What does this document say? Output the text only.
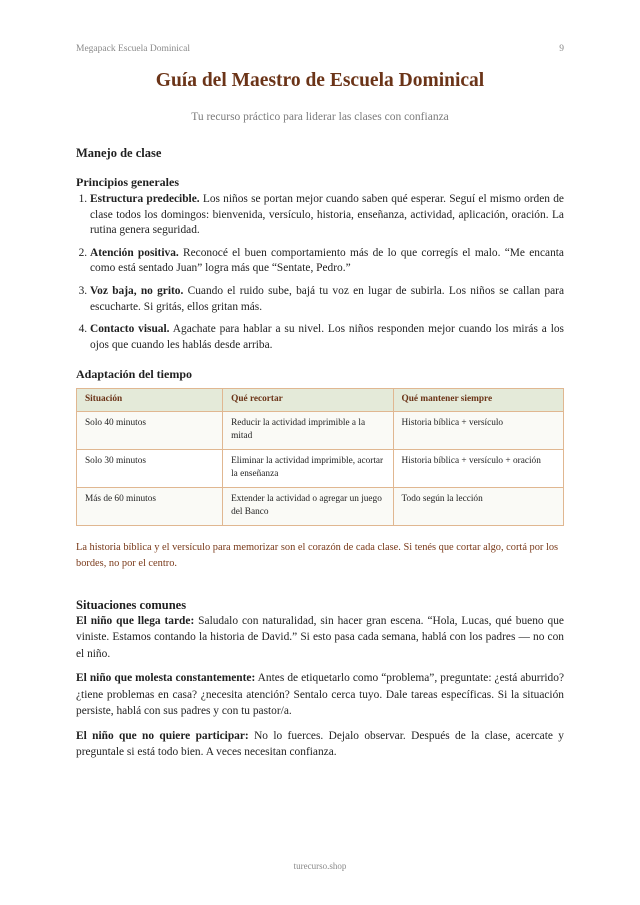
Megapack Escuela Dominical	9
Guía del Maestro de Escuela Dominical

Tu recurso práctico para liderar las clases con confianza

Manejo de clase
Principios generales
1. Estructura predecible. Los niños se portan mejor cuando saben qué esperar. Seguí el mismo orden de clase todos los domingos: bienvenida, versículo, historia, enseñanza, actividad, aplicación, oración. La rutina genera seguridad.
2. Atención positiva. Reconocé el buen comportamiento más de lo que corregís el malo. “Me encanta como está sentado Juan” logra más que “Sentate, Pedro.”
3. Voz baja, no grito. Cuando el ruido sube, bajá tu voz en lugar de subirla. Los niños se callan para escucharte. Si gritás, ellos gritan más.
4. Contacto visual. Agachate para hablar a su nivel. Los niños responden mejor cuando los mirás a los ojos que cuando les hablás desde arriba.
Adaptación del tiempo
Situación	Qué recortar	Qué mantener siempre
Solo 40 minutos	Reducir la actividad imprimible a la mitad	Historia bíblica + versículo
Solo 30 minutos	Eliminar la actividad imprimible, acortar la enseñanza	Historia bíblica + versículo + oración
Más de 60 minutos	Extender la actividad o agregar un juego del Banco	Todo según la lección

La historia bíblica y el versículo para memorizar son el corazón de cada clase. Si tenés que cortar algo, cortá por los bordes, no por el centro.

Situaciones comunes

El niño que llega tarde: Saludalo con naturalidad, sin hacer gran escena. “Hola, Lucas, qué bueno que viniste. Estamos contando la historia de David.” Si esto pasa cada semana, hablá con los padres — no con el niño.

El niño que molesta constantemente: Antes de etiquetarlo como “problema”, preguntate: ¿está aburrido? ¿tiene problemas en casa? ¿necesita atención? Sentalo cerca tuyo. Dale tareas específicas. Si la situación persiste, hablá con sus padres y con tu pastor/a.

El niño que no quiere participar: No lo fuerces. Dejalo observar. Después de la clase, acercate y preguntale si está todo bien. A veces necesitan confianza.

turecurso.shop
